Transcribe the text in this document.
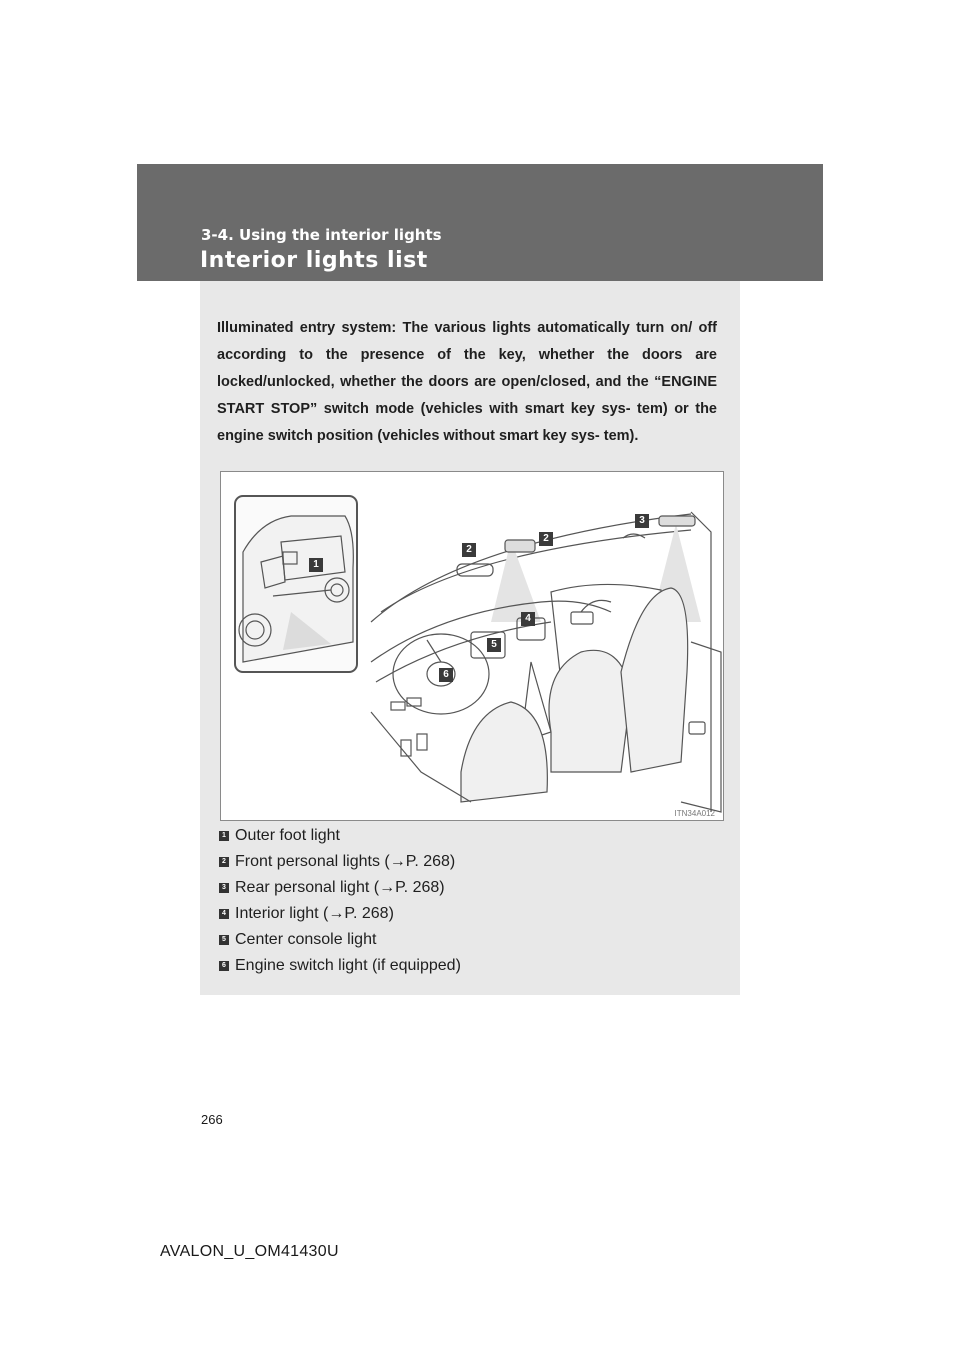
3-4. Using the interior lights
Interior lights list
Illuminated entry system: The various lights automatically turn on/ off according to the presence of the key, whether the doors are locked/unlocked, whether the doors are open/closed, and the “ENGINE START STOP” switch mode (vehicles with smart key sys- tem) or the engine switch position (vehicles without smart key sys- tem).
ITN34A012
1
2
2
3
4
5
6
1 Outer foot light
2 Front personal lights (→P. 268)
3 Rear personal light (→P. 268)
4 Interior light (→P. 268)
5 Center console light
6 Engine switch light (if equipped)
266
AVALON_U_OM41430U
